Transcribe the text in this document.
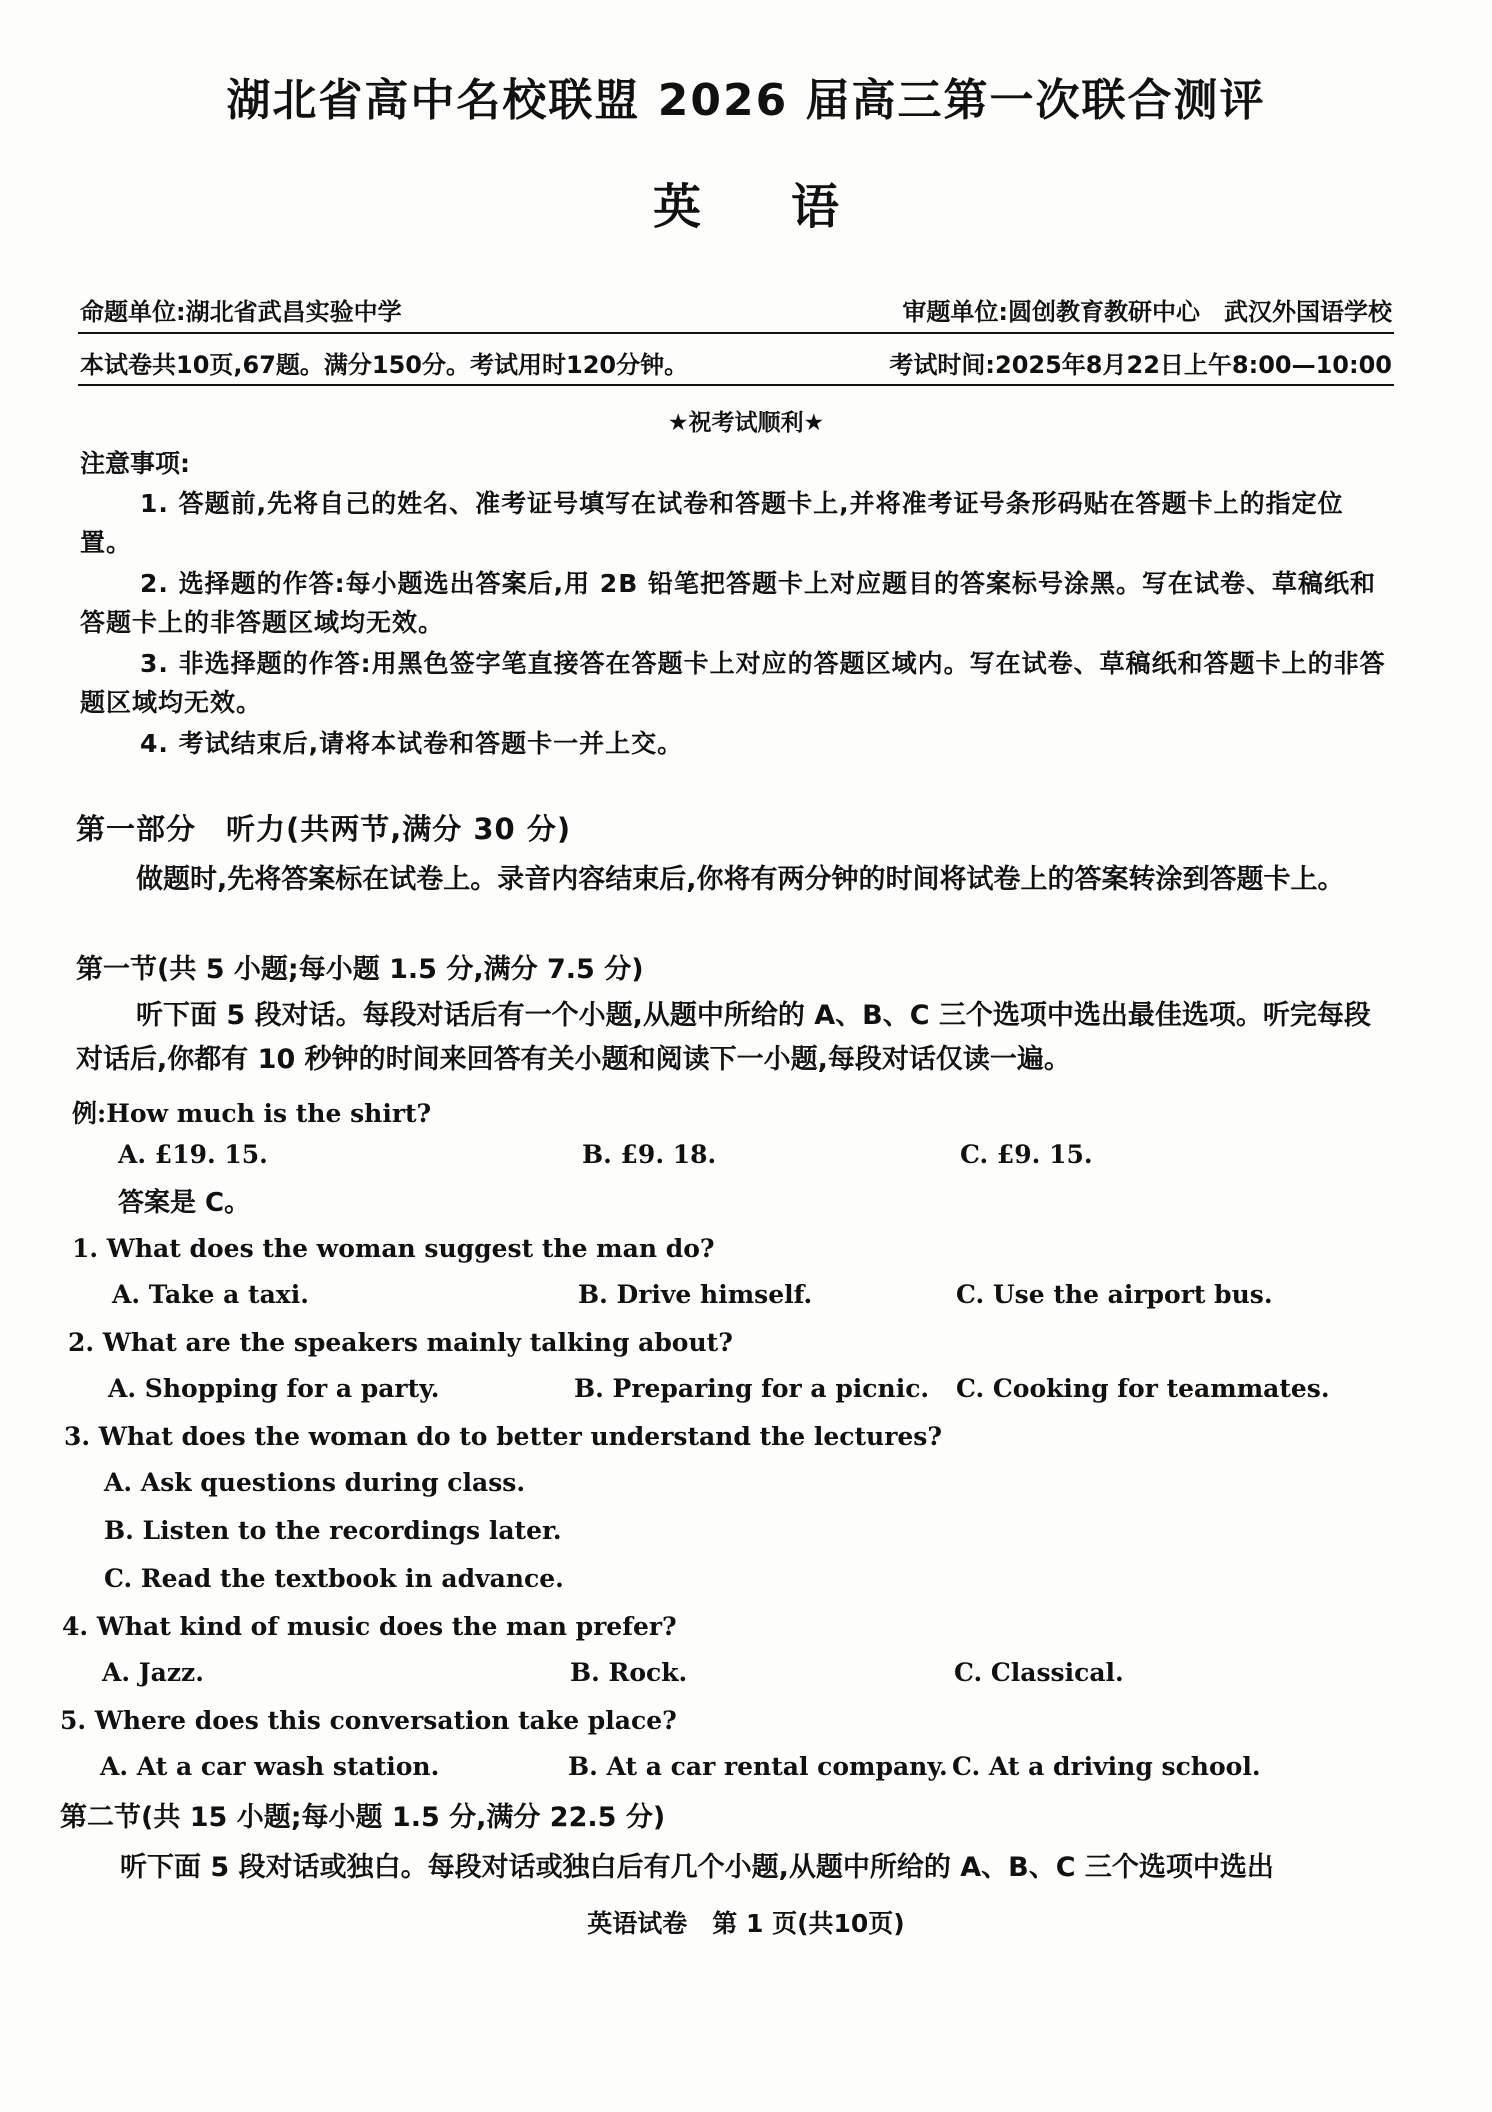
湖北省高中名校联盟 2026 届高三第一次联合测评
英语
命题单位:湖北省武昌实验中学	审题单位:圆创教育教研中心　武汉外国语学校
本试卷共10页,67题。满分150分。考试用时120分钟。	考试时间:2025年8月22日上午8:00—10:00
★祝考试顺利★
注意事项:
1. 答题前,先将自己的姓名、准考证号填写在试卷和答题卡上,并将准考证号条形码贴在答题卡上的指定位置。
2. 选择题的作答:每小题选出答案后,用 2B 铅笔把答题卡上对应题目的答案标号涂黑。写在试卷、草稿纸和答题卡上的非答题区域均无效。
3. 非选择题的作答:用黑色签字笔直接答在答题卡上对应的答题区域内。写在试卷、草稿纸和答题卡上的非答题区域均无效。
4. 考试结束后,请将本试卷和答题卡一并上交。
第一部分　听力(共两节,满分 30 分)
做题时,先将答案标在试卷上。录音内容结束后,你将有两分钟的时间将试卷上的答案转涂到答题卡上。
第一节(共 5 小题;每小题 1.5 分,满分 7.5 分)
听下面 5 段对话。每段对话后有一个小题,从题中所给的 A、B、C 三个选项中选出最佳选项。听完每段对话后,你都有 10 秒钟的时间来回答有关小题和阅读下一小题,每段对话仅读一遍。
例:How much is the shirt?
A. £19. 15.	B. £9. 18.	C. £9. 15.
答案是 C。
1. What does the woman suggest the man do?
A. Take a taxi.	B. Drive himself.	C. Use the airport bus.
2. What are the speakers mainly talking about?
A. Shopping for a party.	B. Preparing for a picnic. C. Cooking for teammates.
3. What does the woman do to better understand the lectures?
A. Ask questions during class.
B. Listen to the recordings later.
C. Read the textbook in advance.
4. What kind of music does the man prefer?
A. Jazz.	B. Rock.	C. Classical.
5. Where does this conversation take place?
A. At a car wash station.	B. At a car rental company. C. At a driving school.
第二节(共 15 小题;每小题 1.5 分,满分 22.5 分)
听下面 5 段对话或独白。每段对话或独白后有几个小题,从题中所给的 A、B、C 三个选项中选出
英语试卷　第 1 页(共10页)
